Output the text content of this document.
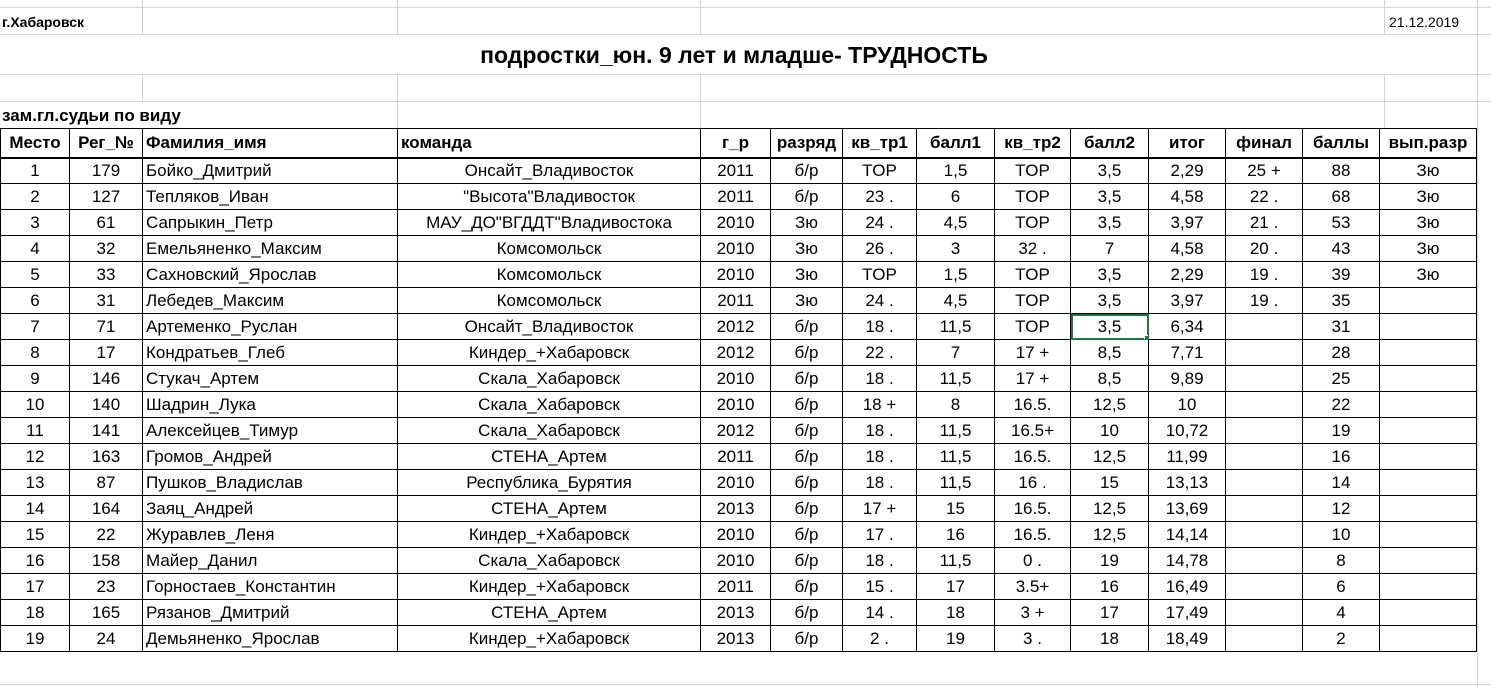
г.Хабаровск	21.12.2019
подростки_юн. 9 лет и младше- ТРУДНОСТЬ
зам.гл.судьи по виду
Место	Рег_№	Фамилия_имя	команда	г_р	разряд	кв_тр1	балл1	кв_тр2	балл2	итог	финал	баллы	вып.разр
1	179	Бойко_Дмитрий	Онсайт_Владивосток	2011	б/р	TOP	1,5	TOP	3,5	2,29	25 +	88	Зю
2	127	Тепляков_Иван	"Высота"Владивосток	2011	б/р	23 .	6	TOP	3,5	4,58	22 .	68	Зю
3	61	Сапрыкин_Петр	МАУ_ДО"ВГДДТ"Владивостока	2010	Зю	24 .	4,5	TOP	3,5	3,97	21 .	53	Зю
4	32	Емельяненко_Максим	Комсомольск	2010	Зю	26 .	3	32 .	7	4,58	20 .	43	Зю
5	33	Сахновский_Ярослав	Комсомольск	2010	Зю	TOP	1,5	TOP	3,5	2,29	19 .	39	Зю
6	31	Лебедев_Максим	Комсомольск	2011	Зю	24 .	4,5	TOP	3,5	3,97	19 .	35	
7	71	Артеменко_Руслан	Онсайт_Владивосток	2012	б/р	18 .	11,5	TOP	3,5	6,34		31	
8	17	Кондратьев_Глеб	Киндер_+Хабаровск	2012	б/р	22 .	7	17 +	8,5	7,71		28	
9	146	Стукач_Артем	Скала_Хабаровск	2010	б/р	18 .	11,5	17 +	8,5	9,89		25	
10	140	Шадрин_Лука	Скала_Хабаровск	2010	б/р	18 +	8	16.5.	12,5	10		22	
11	141	Алексейцев_Тимур	Скала_Хабаровск	2012	б/р	18 .	11,5	16.5+	10	10,72		19	
12	163	Громов_Андрей	СТЕНА_Артем	2011	б/р	18 .	11,5	16.5.	12,5	11,99		16	
13	87	Пушков_Владислав	Республика_Бурятия	2010	б/р	18 .	11,5	16 .	15	13,13		14	
14	164	Заяц_Андрей	СТЕНА_Артем	2013	б/р	17 +	15	16.5.	12,5	13,69		12	
15	22	Журавлев_Леня	Киндер_+Хабаровск	2010	б/р	17 .	16	16.5.	12,5	14,14		10	
16	158	Майер_Данил	Скала_Хабаровск	2010	б/р	18 .	11,5	0 .	19	14,78		8	
17	23	Горностаев_Константин	Киндер_+Хабаровск	2011	б/р	15 .	17	3.5+	16	16,49		6	
18	165	Рязанов_Дмитрий	СТЕНА_Артем	2013	б/р	14 .	18	3 +	17	17,49		4	
19	24	Демьяненко_Ярослав	Киндер_+Хабаровск	2013	б/р	2 .	19	3 .	18	18,49		2	
